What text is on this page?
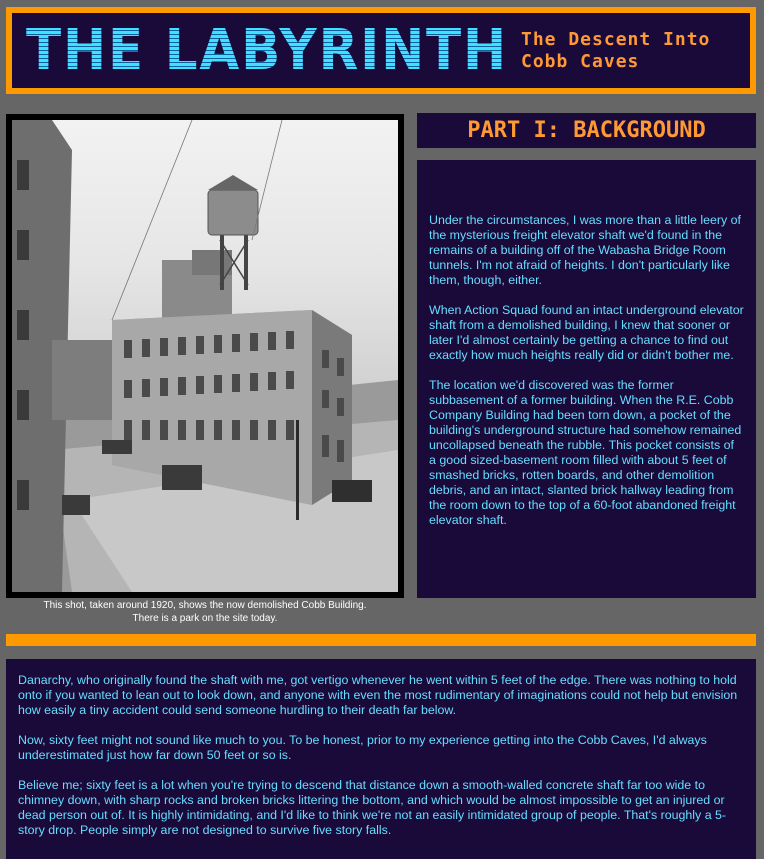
THE LABYRINTH The Descent Into
Cobb Caves
This shot, taken around 1920, shows the now demolished Cobb Building.
There is a park on the site today.
PART I: BACKGROUND

Under the circumstances, I was more than a little leery of the mysterious freight elevator shaft we'd found in the remains of a building off of the Wabasha Bridge Room tunnels. I'm not afraid of heights. I don't particularly like them, though, either.

When Action Squad found an intact underground elevator shaft from a demolished building, I knew that sooner or later I'd almost certainly be getting a chance to find out exactly how much heights really did or didn't bother me.

The location we'd discovered was the former subbasement of a former building. When the R.E. Cobb Company Building had been torn down, a pocket of the building's underground structure had somehow remained uncollapsed beneath the rubble. This pocket consists of a good sized-basement room filled with about 5 feet of smashed bricks, rotten boards, and other demolition debris, and an intact, slanted brick hallway leading from the room down to the top of a 60-foot abandoned freight elevator shaft.

Danarchy, who originally found the shaft with me, got vertigo whenever he went within 5 feet of the edge. There was nothing to hold onto if you wanted to lean out to look down, and anyone with even the most rudimentary of imaginations could not help but envision how easily a tiny accident could send someone hurdling to their death far below.

Now, sixty feet might not sound like much to you. To be honest, prior to my experience getting into the Cobb Caves, I'd always underestimated just how far down 50 feet or so is.

Believe me; sixty feet is a lot when you're trying to descend that distance down a smooth-walled concrete shaft far too wide to chimney down, with sharp rocks and broken bricks littering the bottom, and which would be almost impossible to get an injured or dead person out of. It is highly intimidating, and I'd like to think we're not an easily intimidated group of people. That's roughly a 5-story drop. People simply are not designed to survive five story falls.
